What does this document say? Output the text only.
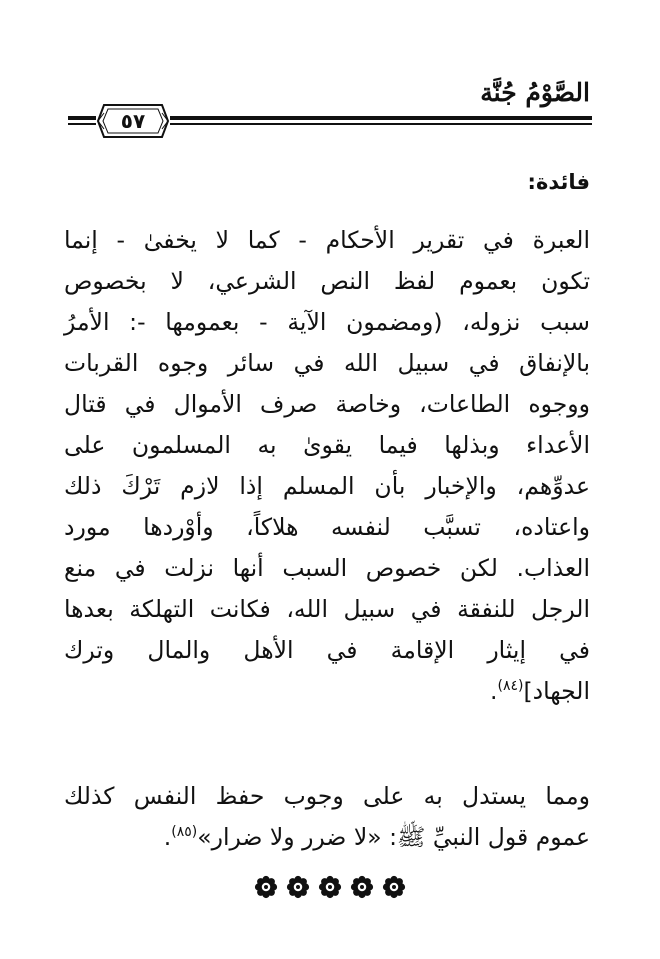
الصَّوْمُ جُنَّة
٥٧
فائدة:
العبرة في تقرير الأحكام - كما لا يخفىٰ - إنما
تكون بعموم لفظ النص الشرعي، لا بخصوص
سبب نزوله، (ومضمون الآية - بعمومها -: الأمرُ
بالإنفاق في سبيل الله في سائر وجوه القربات
ووجوه الطاعات، وخاصة صرف الأموال في قتال
الأعداء وبذلها فيما يقوىٰ به المسلمون على
عدوِّهم، والإخبار بأن المسلم إذا لازم تَرْكَ ذلك
واعتاده، تسبَّب لنفسه هلاكاً، وأوْردها مورد
العذاب. لكن خصوص السبب أنها نزلت في منع
الرجل للنفقة في سبيل الله، فكانت التهلكة بعدها
في إيثار الإقامة في الأهل والمال وترك
الجهاد]$^{(٨٤)}$.
ومما يستدل به على وجوب حفظ النفس كذلك
عموم قول النبيِّ ﷺ: «لا ضرر ولا ضرار»$^{(٨٥)}$.
